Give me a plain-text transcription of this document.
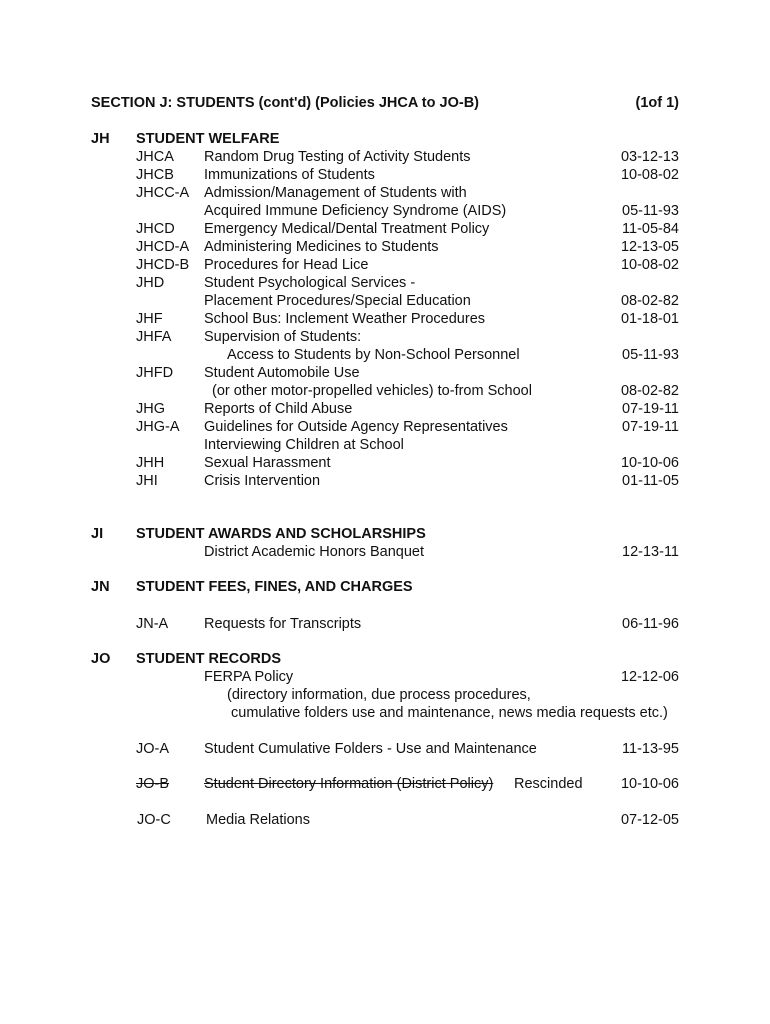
SECTION J: STUDENTS (cont'd) (Policies JHCA to JO-B)	(1of 1)
JH STUDENT WELFARE
JHCA Random Drug Testing of Activity Students	03-12-13
JHCB Immunizations of Students	10-08-02
JHCC-A Admission/Management of Students with
Acquired Immune Deficiency Syndrome (AIDS)	05-11-93
JHCD Emergency Medical/Dental Treatment Policy	11-05-84
JHCD-A Administering Medicines to Students	12-13-05
JHCD-B Procedures for Head Lice	10-08-02
JHD	Student Psychological Services -
Placement Procedures/Special Education	08-02-82
JHF	School Bus: Inclement Weather Procedures	01-18-01
JHFA Supervision of Students:
Access to Students by Non-School Personnel	05-11-93
JHFD Student Automobile Use
(or other motor-propelled vehicles) to-from School	08-02-82
JHG	Reports of Child Abuse	07-19-11
JHG-A Guidelines for Outside Agency Representatives	07-19-11
Interviewing Children at School
JHH	Sexual Harassment	10-10-06
JHI	Crisis Intervention	01-11-05
JI STUDENT AWARDS AND SCHOLARSHIPS
District Academic Honors Banquet	12-13-11
JN STUDENT FEES, FINES, AND CHARGES
JN-A Requests for Transcripts	06-11-96
JO STUDENT RECORDS
FERPA Policy	12-12-06
(directory information, due process procedures,
cumulative folders use and maintenance, news media requests etc.)
JO-A Student Cumulative Folders - Use and Maintenance	11-13-95
JO-B Student Directory Information (District Policy) Rescinded	10-10-06
JO-C Media Relations	07-12-05
